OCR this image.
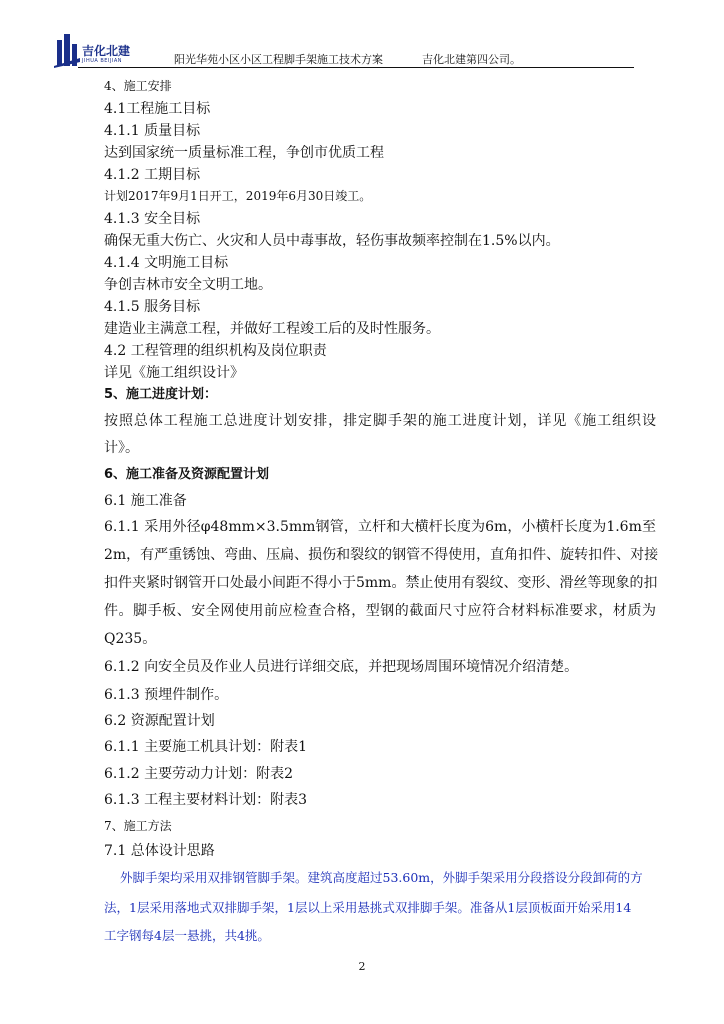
吉化北建
JIHUA BEIJIAN	阳光华苑小区小区工程脚手架施工技术方案	吉化北建第四公司。
4、施工安排
4.1工程施工目标
4.1.1 质量目标
达到国家统一质量标准工程，争创市优质工程
4.1.2 工期目标
计划2017年9月1日开工，2019年6月30日竣工。
4.1.3 安全目标
确保无重大伤亡、火灾和人员中毒事故，轻伤事故频率控制在1.5%以内。
4.1.4 文明施工目标
争创吉林市安全文明工地。
4.1.5 服务目标
建造业主满意工程，并做好工程竣工后的及时性服务。
4.2 工程管理的组织机构及岗位职责
详见《施工组织设计》
5、施工进度计划：
按照总体工程施工总进度计划安排，排定脚手架的施工进度计划，详见《施工组织设
计》。
6、施工准备及资源配置计划
6.1 施工准备
6.1.1 采用外径φ48mm×3.5mm钢管，立杆和大横杆长度为6m，小横杆长度为1.6m至
2m，有严重锈蚀、弯曲、压扁、损伤和裂纹的钢管不得使用，直角扣件、旋转扣件、对接
扣件夹紧时钢管开口处最小间距不得小于5mm。禁止使用有裂纹、变形、滑丝等现象的扣
件。脚手板、安全网使用前应检查合格，型钢的截面尺寸应符合材料标准要求，材质为
Q235。
6.1.2 向安全员及作业人员进行详细交底，并把现场周围环境情况介绍清楚。
6.1.3 预埋件制作。
6.2 资源配置计划
6.1.1 主要施工机具计划：附表1
6.1.2 主要劳动力计划：附表2
6.1.3 工程主要材料计划：附表3
7、施工方法
7.1 总体设计思路
外脚手架均采用双排钢管脚手架。建筑高度超过53.60m，外脚手架采用分段搭设分段卸荷的方
法，1层采用落地式双排脚手架，1层以上采用悬挑式双排脚手架。准备从1层顶板面开始采用14
工字钢每4层一悬挑，共4挑。
2
